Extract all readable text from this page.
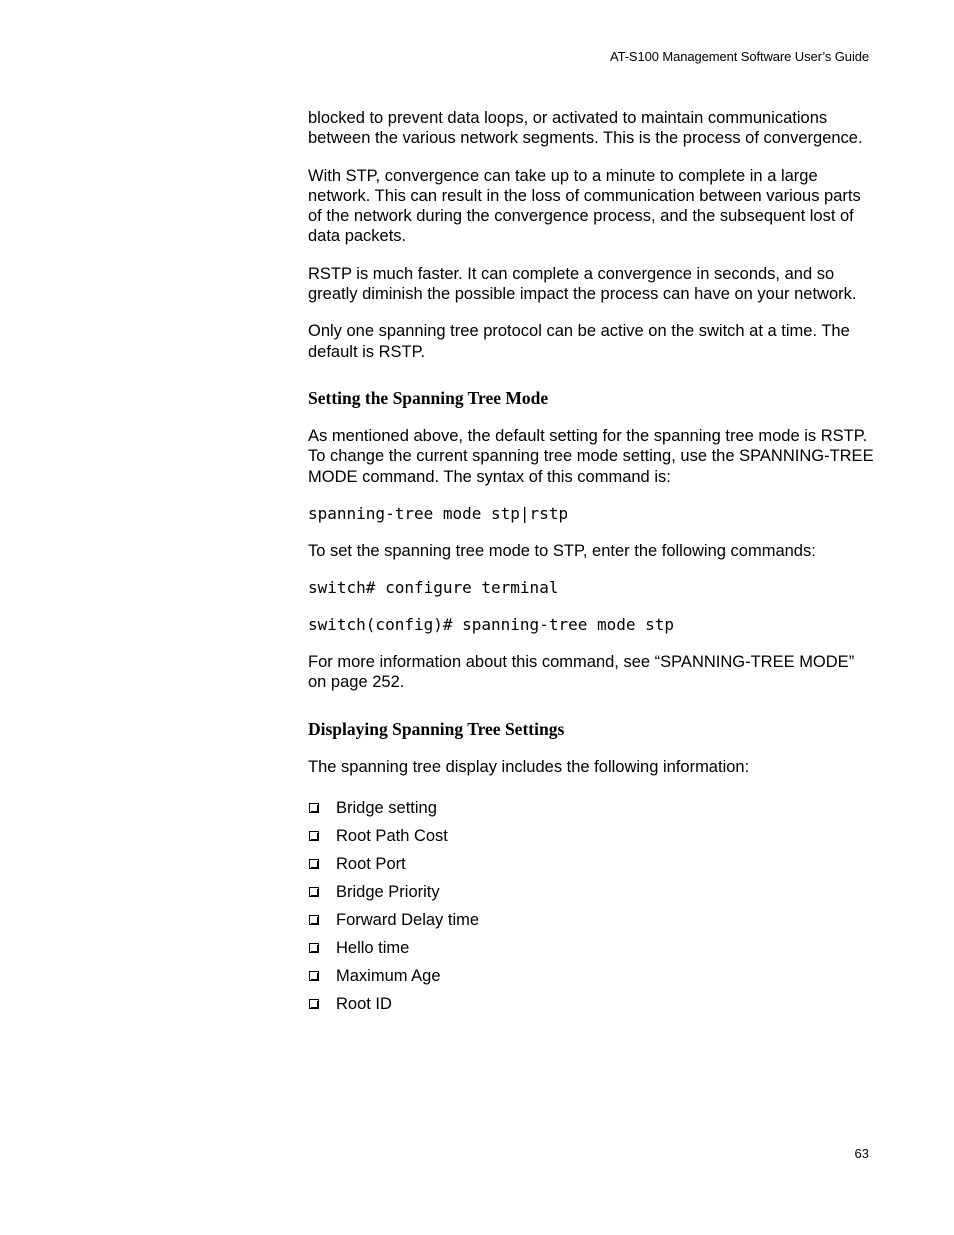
AT-S100 Management Software User’s Guide

blocked to prevent data loops, or activated to maintain communications between the various network segments. This is the process of convergence.

With STP, convergence can take up to a minute to complete in a large network. This can result in the loss of communication between various parts of the network during the convergence process, and the subsequent lost of data packets.

RSTP is much faster. It can complete a convergence in seconds, and so greatly diminish the possible impact the process can have on your network.

Only one spanning tree protocol can be active on the switch at a time. The default is RSTP.

Setting the Spanning Tree Mode

As mentioned above, the default setting for the spanning tree mode is RSTP. To change the current spanning tree mode setting, use the SPANNING-TREE MODE command. The syntax of this command is:

spanning-tree mode stp|rstp

To set the spanning tree mode to STP, enter the following commands:

switch# configure terminal
switch(config)# spanning-tree mode stp

For more information about this command, see “SPANNING-TREE MODE” on page 252.

Displaying Spanning Tree Settings

The spanning tree display includes the following information:

Bridge setting
Root Path Cost
Root Port
Bridge Priority
Forward Delay time
Hello time
Maximum Age
Root ID
63
